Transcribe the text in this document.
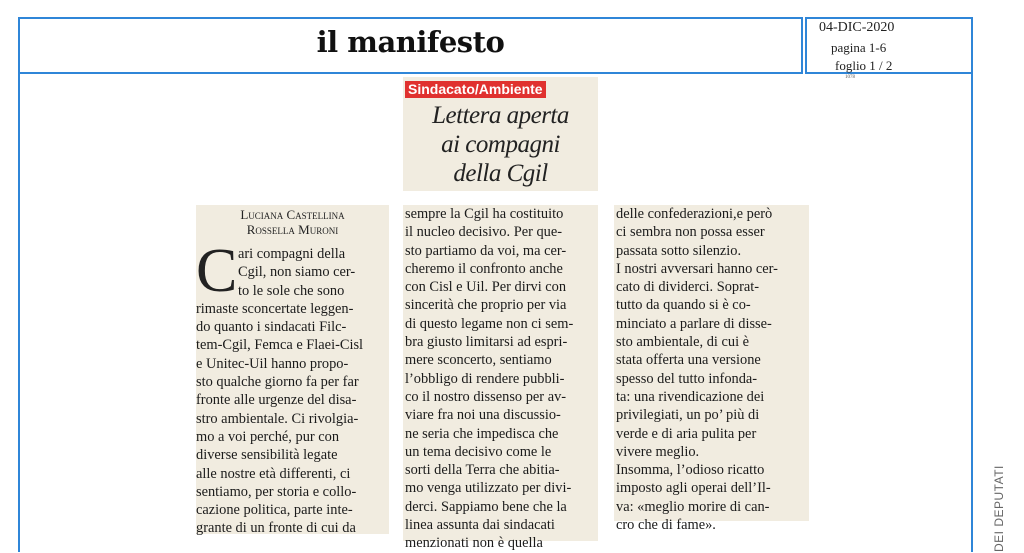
il manifesto	04-DIC-2020
pagina 1-6
foglio 1 / 2
1078
Sindacato/Ambiente
Lettera aperta
ai compagni
della Cgil
Luciana Castellina
Rossella Muroni
C ari compagni della
Cgil, non siamo cer-
to le sole che sono
rimaste sconcertate leggen-
do quanto i sindacati Filc-
tem-Cgil, Femca e Flaei-Cisl
e Unitec-Uil hanno propo-
sto qualche giorno fa per far
fronte alle urgenze del disa-
stro ambientale. Ci rivolgia-
mo a voi perché, pur con
diverse sensibilità legate
alle nostre età differenti, ci
sentiamo, per storia e collo-
cazione politica, parte inte-
grante di un fronte di cui da
sempre la Cgil ha costituito
il nucleo decisivo. Per que-
sto partiamo da voi, ma cer-
cheremo il confronto anche
con Cisl e Uil. Per dirvi con
sincerità che proprio per via
di questo legame non ci sem-
bra giusto limitarsi ad espri-
mere sconcerto, sentiamo
l’obbligo di rendere pubbli-
co il nostro dissenso per av-
viare fra noi una discussio-
ne seria che impedisca che
un tema decisivo come le
sorti della Terra che abitia-
mo venga utilizzato per divi-
derci. Sappiamo bene che la
linea assunta dai sindacati
menzionati non è quella
delle confederazioni,e però
ci sembra non possa esser
passata sotto silenzio.
I nostri avversari hanno cer-
cato di dividerci. Soprat-
tutto da quando si è co-
minciato a parlare di disse-
sto ambientale, di cui è
stata offerta una versione
spesso del tutto infonda-
ta: una rivendicazione dei
privilegiati, un po’ più di
verde e di aria pulita per
vivere meglio.
Insomma, l’odioso ricatto
imposto agli operai dell’Il-
va: «meglio morire di can-
cro che di fame».	DEI DEPUTATI
